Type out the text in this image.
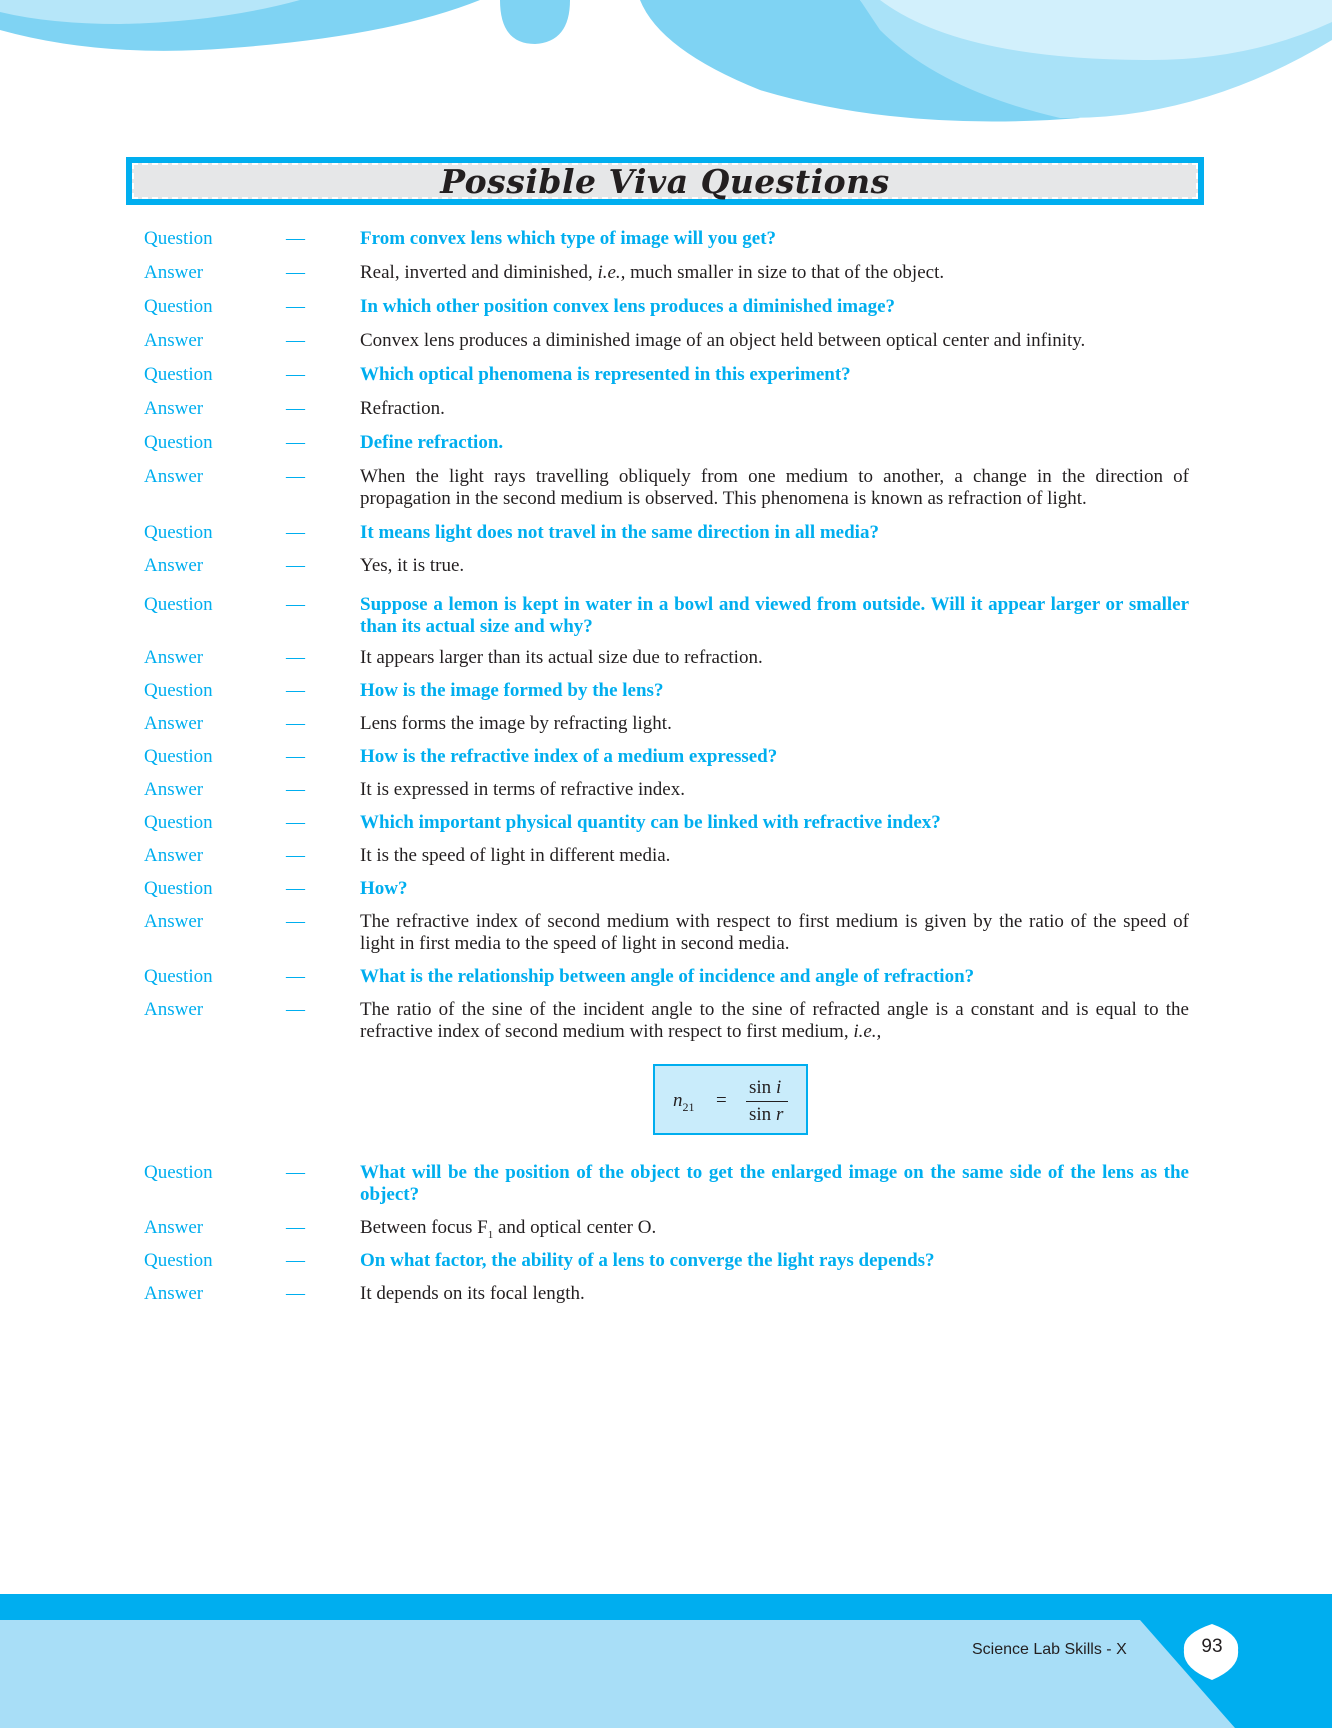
Possible Viva Questions
Question	—	From convex lens which type of image will you get?
Answer	—	Real, inverted and diminished, i.e., much smaller in size to that of the object.
Question	—	In which other position convex lens produces a diminished image?
Answer	—	Convex lens produces a diminished image of an object held between optical center and infinity.
Question	—	Which optical phenomena is represented in this experiment?
Answer	—	Refraction.
Question	—	Define refraction.
Answer	—	When the light rays travelling obliquely from one medium to another, a change in the direction of propagation in the second medium is observed. This phenomena is known as refraction of light.
Question	—	It means light does not travel in the same direction in all media?
Answer	—	Yes, it is true.
Question	—	Suppose a lemon is kept in water in a bowl and viewed from outside. Will it appear larger or smaller than its actual size and why?
Answer	—	It appears larger than its actual size due to refraction.
Question	—	How is the image formed by the lens?
Answer	—	Lens forms the image by refracting light.
Question	—	How is the refractive index of a medium expressed?
Answer	—	It is expressed in terms of refractive index.
Question	—	Which important physical quantity can be linked with refractive index?
Answer	—	It is the speed of light in different media.
Question	—	How?
Answer	—	The refractive index of second medium with respect to first medium is given by the ratio of the speed of light in first media to the speed of light in second media.
Question	—	What is the relationship between angle of incidence and angle of refraction?
Answer	—	The ratio of the sine of the incident angle to the sine of refracted angle is a constant and is equal to the refractive index of second medium with respect to first medium, i.e.,
Question	—	What will be the position of the object to get the enlarged image on the same side of the lens as the object?
Answer	—	Between focus $F_1$ and optical center O.
Question	—	On what factor, the ability of a lens to converge the light rays depends?
Answer	—	It depends on its focal length.
$n_{21}$ =
sin i
sin r
Science Lab Skills - X	93
